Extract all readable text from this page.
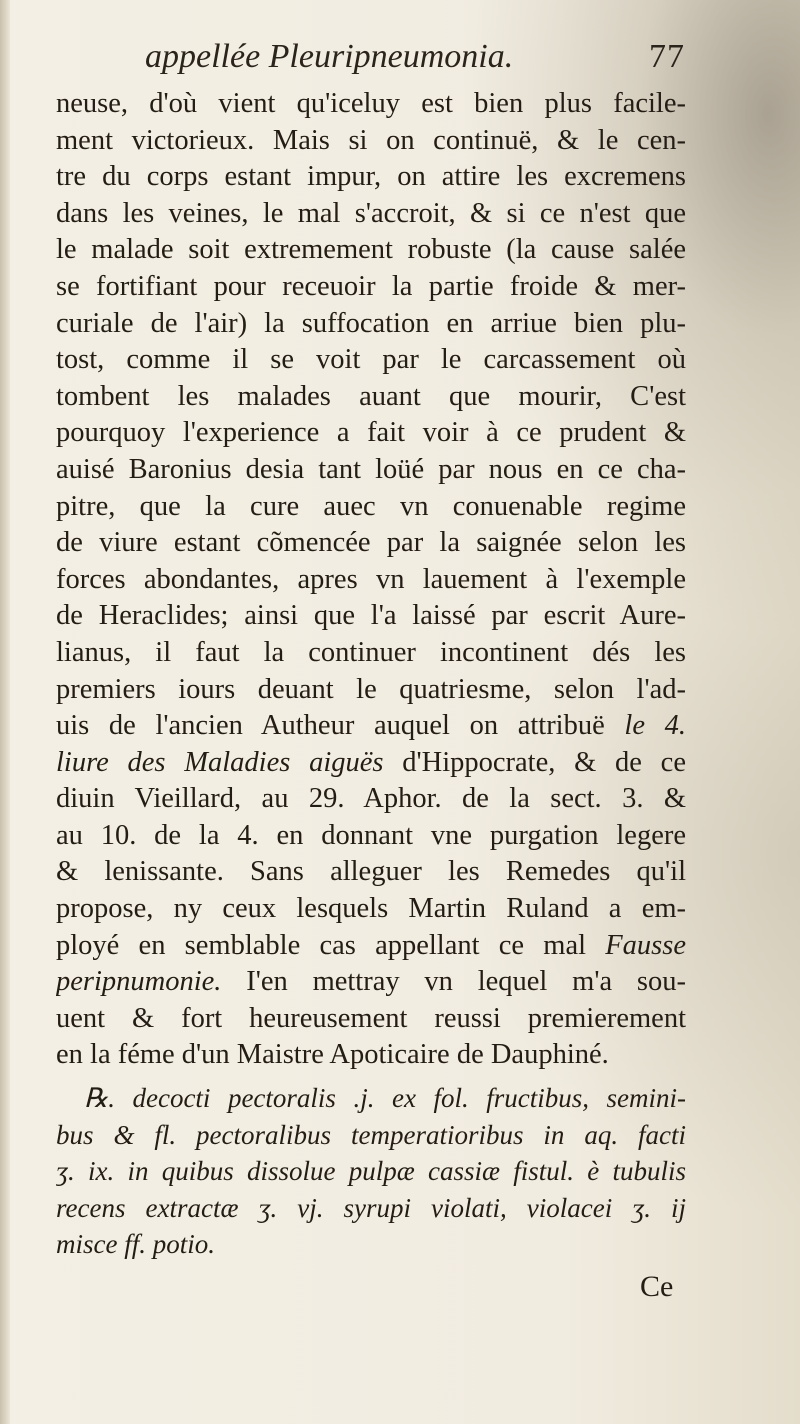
appellée Pleuripneumonia.	77
neuse, d'où vient qu'iceluy est bien plus facile-
ment victorieux. Mais si on continuë, & le cen-
tre du corps estant impur, on attire les excremens
dans les veines, le mal s'accroit, & si ce n'est que
le malade soit extremement robuste (la cause salée
se fortifiant pour receuoir la partie froide & mer-
curiale de l'air) la suffocation en arriue bien plu-
tost, comme il se voit par le carcassement où
tombent les malades auant que mourir, C'est
pourquoy l'experience a fait voir à ce prudent &
auisé Baronius desia tant loüé par nous en ce cha-
pitre, que la cure auec vn conuenable regime
de viure estant cõmencée par la saignée selon les
forces abondantes, apres vn lauement à l'exemple
de Heraclides; ainsi que l'a laissé par escrit Aure-
lianus, il faut la continuer incontinent dés les
premiers iours deuant le quatriesme, selon l'ad-
uis de l'ancien Autheur auquel on attribuë le 4.
liure des Maladies aiguës d'Hippocrate, & de ce
diuin Vieillard, au 29. Aphor. de la sect. 3. &
au 10. de la 4. en donnant vne purgation legere
& lenissante. Sans alleguer les Remedes qu'il
propose, ny ceux lesquels Martin Ruland a em-
ployé en semblable cas appellant ce mal Fausse
peripnumonie. I'en mettray vn lequel m'a sou-
uent & fort heureusement reussi premierement
en la féme d'un Maistre Apoticaire de Dauphiné.
℞. decocti pectoralis .j. ex fol. fructibus, semini-
bus & fl. pectoralibus temperatioribus in aq. facti
ʒ. ix. in quibus dissolue pulpæ cassiæ fistul. è tubulis
recens extractæ ʒ. vj. syrupi violati, violacei ʒ. ij
misce ff. potio.
Ce
